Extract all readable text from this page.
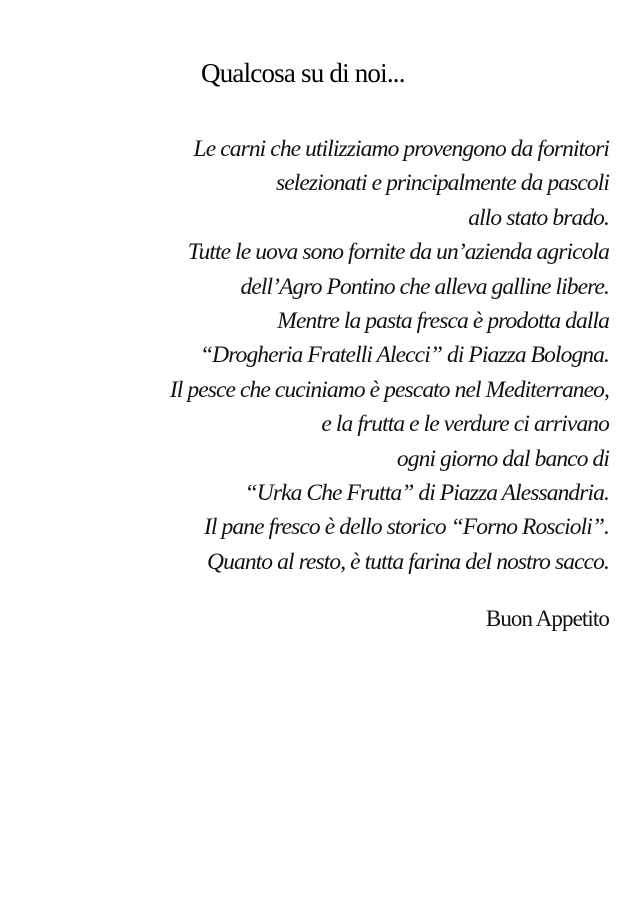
Qualcosa su di noi...
Le carni che utilizziamo provengono da fornitori
selezionati e principalmente da pascoli
allo stato brado.
Tutte le uova sono fornite da un’azienda agricola
dell’Agro Pontino che alleva galline libere.
Mentre la pasta fresca è prodotta dalla
“Drogheria Fratelli Alecci” di Piazza Bologna.
Il pesce che cuciniamo è pescato nel Mediterraneo,
e la frutta e le verdure ci arrivano
ogni giorno dal banco di
“Urka Che Frutta” di Piazza Alessandria.
Il pane fresco è dello storico “Forno Roscioli”.
Quanto al resto, è tutta farina del nostro sacco.
Buon Appetito
